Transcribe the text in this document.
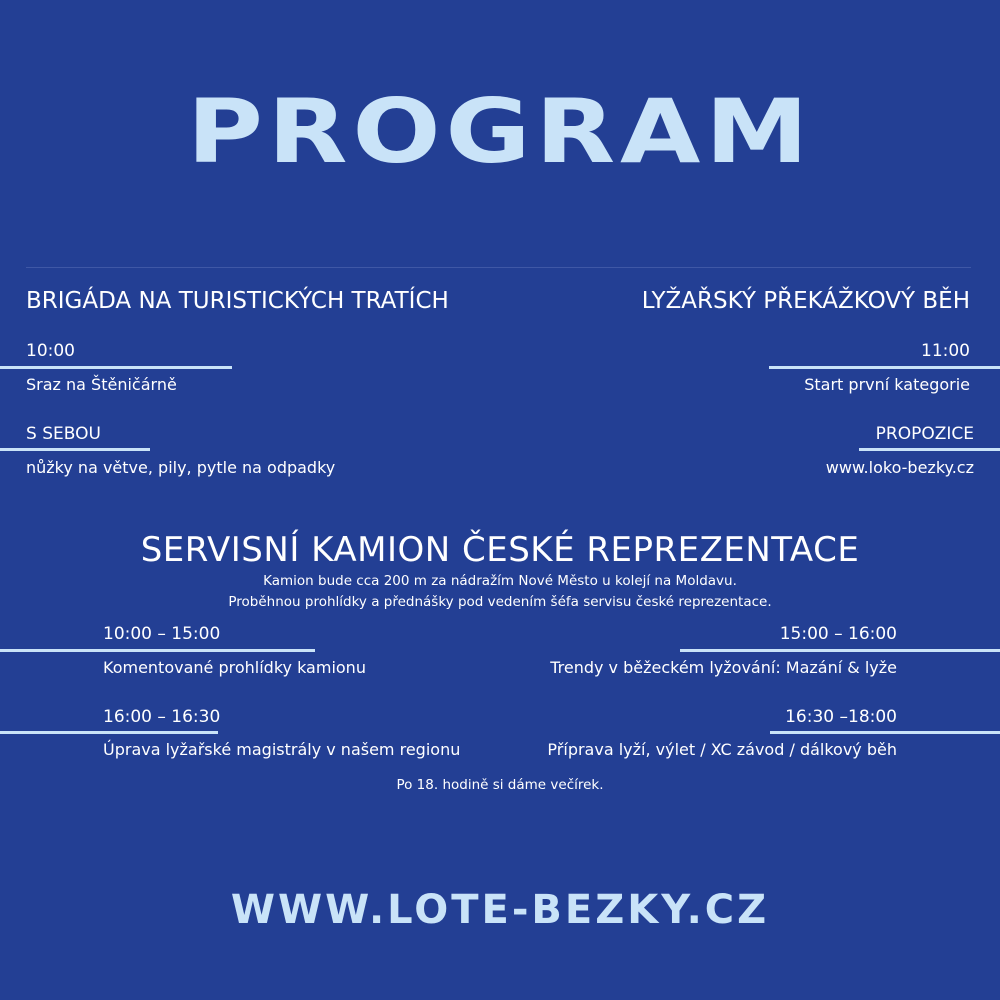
PROGRAM
BRIGÁDA NA TURISTICKÝCH TRATÍCH
10:00
Sraz na Štěničárně
S SEBOU
nůžky na větve, pily, pytle na odpadky
LYŽAŘSKÝ PŘEKÁŽKOVÝ BĚH
11:00
Start první kategorie
PROPOZICE
www.loko-bezky.cz
SERVISNÍ KAMION ČESKÉ REPREZENTACE
Kamion bude cca 200 m za nádražím Nové Město u kolejí na Moldavu.
Proběhnou prohlídky a přednášky pod vedením šéfa servisu české reprezentace.
10:00 – 15:00
Komentované prohlídky kamionu
15:00 – 16:00
Trendy v běžeckém lyžování: Mazání & lyže
16:00 – 16:30
Úprava lyžařské magistrály v našem regionu
16:30 –18:00
Příprava lyží, výlet / XC závod / dálkový běh
Po 18. hodině si dáme večírek.
WWW.LOTE-BEZKY.CZ
